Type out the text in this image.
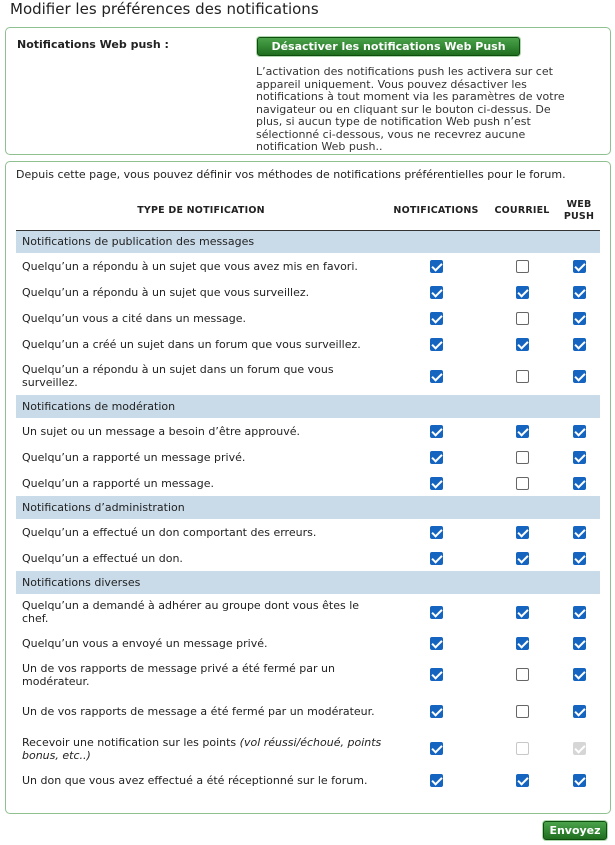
Modifier les préférences des notifications
Notifications Web push :	Désactiver les notifications Web Push
L’activation des notifications push les activera sur cet appareil uniquement. Vous pouvez désactiver les notifications à tout moment via les paramètres de votre navigateur ou en cliquant sur le bouton ci-dessus. De plus, si aucun type de notification Web push n’est sélectionné ci-dessous, vous ne recevrez aucune notification Web push..
Depuis cette page, vous pouvez définir vos méthodes de notifications préférentielles pour le forum.
TYPE DE NOTIFICATION	NOTIFICATIONS	COURRIEL	WEB
PUSH
Notifications de publication des messages			
Quelqu’un a répondu à un sujet que vous avez mis en favori.			
Quelqu’un a répondu à un sujet que vous surveillez.			
Quelqu’un vous a cité dans un message.			
Quelqu’un a créé un sujet dans un forum que vous surveillez.			
Quelqu’un a répondu à un sujet dans un forum que vous surveillez.			
Notifications de modération			
Un sujet ou un message a besoin d’être approuvé.			
Quelqu’un a rapporté un message privé.			
Quelqu’un a rapporté un message.			
Notifications d’administration			
Quelqu’un a effectué un don comportant des erreurs.			
Quelqu’un a effectué un don.			
Notifications diverses			
Quelqu’un a demandé à adhérer au groupe dont vous êtes le chef.			
Quelqu’un vous a envoyé un message privé.			
Un de vos rapports de message privé a été fermé par un modérateur.			
Un de vos rapports de message a été fermé par un modérateur.			
Recevoir une notification sur les points (vol réussi/échoué, points bonus, etc..)			
Un don que vous avez effectué a été réceptionné sur le forum.			
Envoyez
